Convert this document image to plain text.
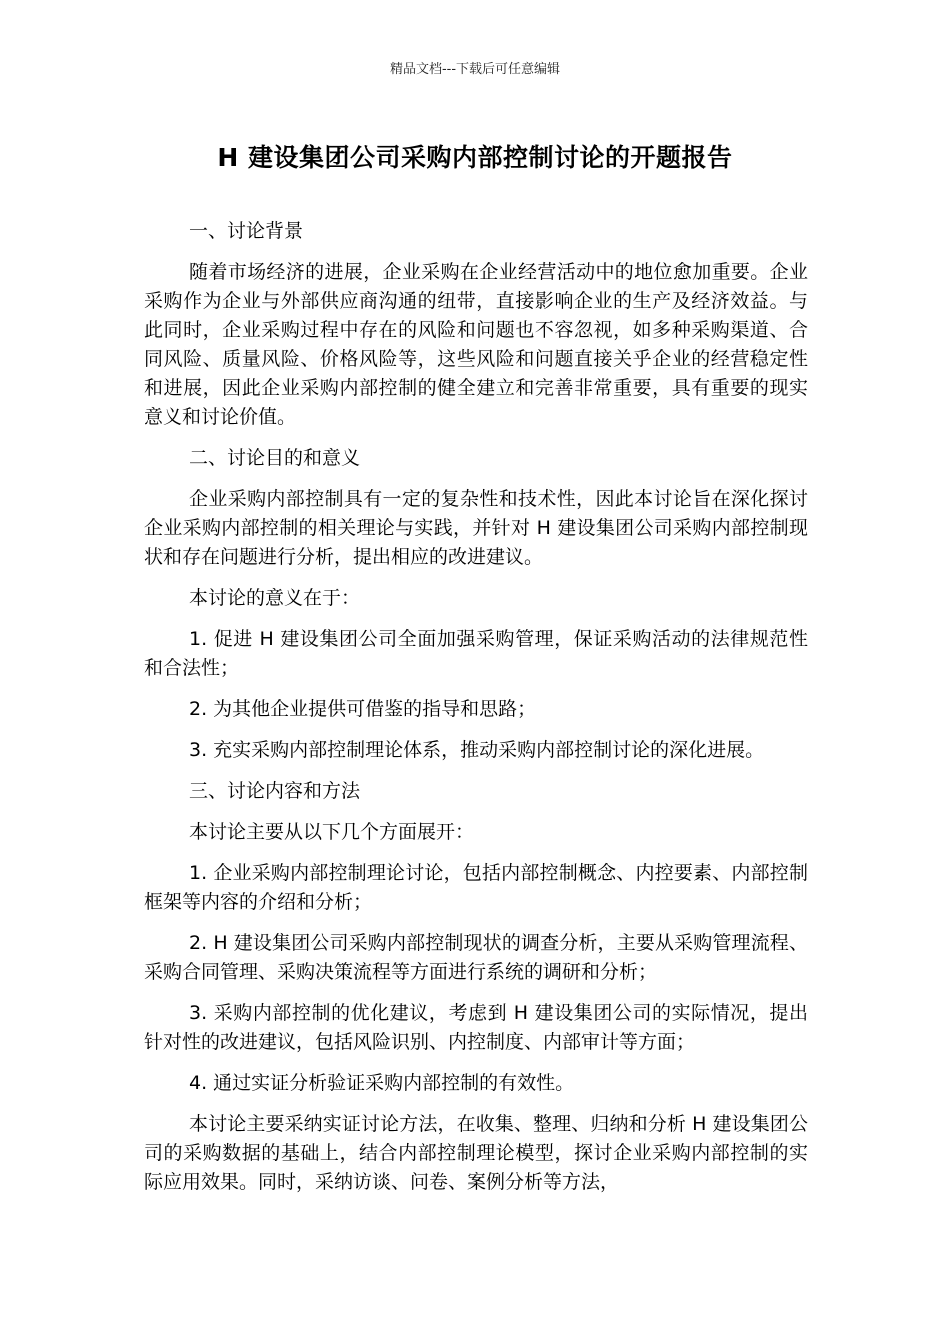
精品文档---下载后可任意编辑
H 建设集团公司采购内部控制讨论的开题报告

一、讨论背景

随着市场经济的进展，企业采购在企业经营活动中的地位愈加重要。企业采购作为企业与外部供应商沟通的纽带，直接影响企业的生产及经济效益。与此同时，企业采购过程中存在的风险和问题也不容忽视，如多种采购渠道、合同风险、质量风险、价格风险等，这些风险和问题直接关乎企业的经营稳定性和进展，因此企业采购内部控制的健全建立和完善非常重要，具有重要的现实意义和讨论价值。

二、讨论目的和意义

企业采购内部控制具有一定的复杂性和技术性，因此本讨论旨在深化探讨企业采购内部控制的相关理论与实践，并针对 H 建设集团公司采购内部控制现状和存在问题进行分析，提出相应的改进建议。

本讨论的意义在于：

1. 促进 H 建设集团公司全面加强采购管理，保证采购活动的法律规范性和合法性；

2. 为其他企业提供可借鉴的指导和思路；

3. 充实采购内部控制理论体系，推动采购内部控制讨论的深化进展。

三、讨论内容和方法

本讨论主要从以下几个方面展开：

1. 企业采购内部控制理论讨论，包括内部控制概念、内控要素、内部控制框架等内容的介绍和分析；

2. H 建设集团公司采购内部控制现状的调查分析，主要从采购管理流程、采购合同管理、采购决策流程等方面进行系统的调研和分析；

3. 采购内部控制的优化建议，考虑到 H 建设集团公司的实际情况，提出针对性的改进建议，包括风险识别、内控制度、内部审计等方面；

4. 通过实证分析验证采购内部控制的有效性。

本讨论主要采纳实证讨论方法，在收集、整理、归纳和分析 H 建设集团公司的采购数据的基础上，结合内部控制理论模型，探讨企业采购内部控制的实际应用效果。同时，采纳访谈、问卷、案例分析等方法，
